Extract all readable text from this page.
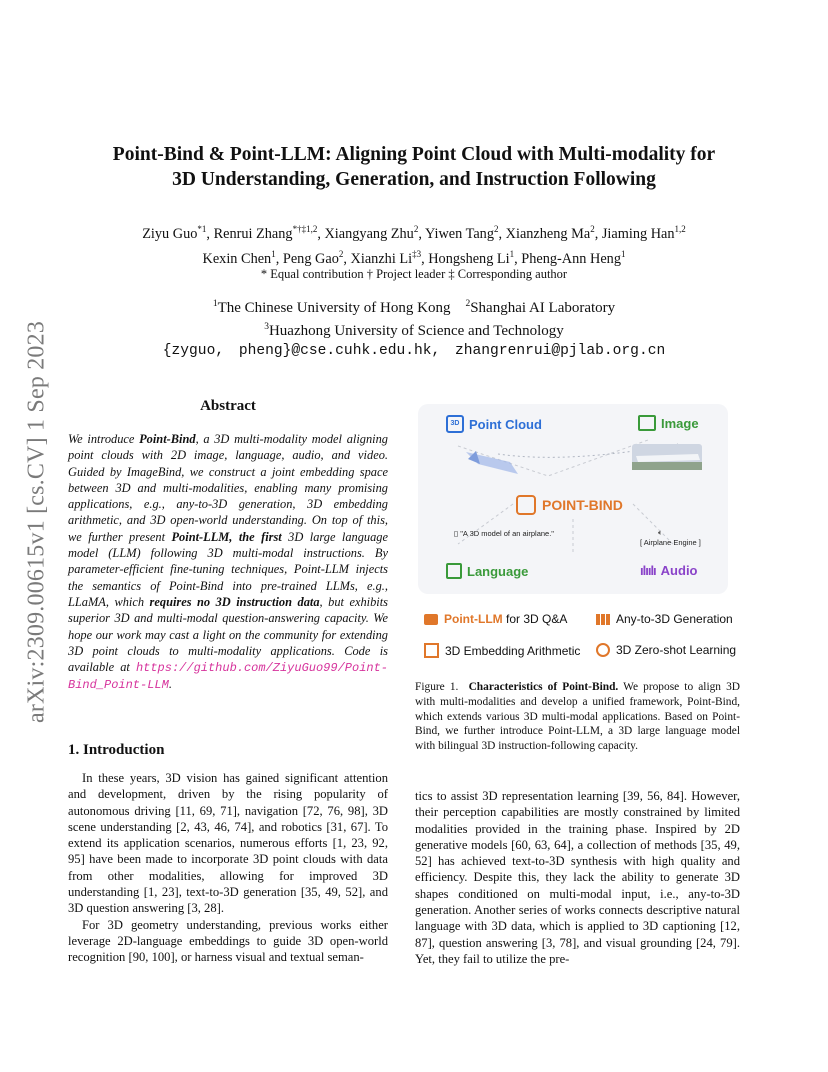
arXiv:2309.00615v1 [cs.CV] 1 Sep 2023
Point-Bind & Point-LLM: Aligning Point Cloud with Multi-modality for
3D Understanding, Generation, and Instruction Following
Ziyu Guo$^{*1}$, Renrui Zhang$^{*\dagger\ddagger 1,2}$, Xiangyang Zhu$^2$, Yiwen Tang$^2$, Xianzheng Ma$^2$, Jiaming Han$^{1,2}$
Kexin Chen$^1$, Peng Gao$^2$, Xianzhi Li$^{\ddagger 3}$, Hongsheng Li$^1$, Pheng-Ann Heng$^1$
* Equal contribution † Project leader ‡ Corresponding author
$^1$The Chinese University of Hong Kong $^2$Shanghai AI Laboratory
$^3$Huazhong University of Science and Technology
{zyguo, pheng}@cse.cuhk.edu.hk, zhangrenrui@pjlab.org.cn
Abstract
We introduce Point-Bind, a 3D multi-modality model aligning point clouds with 2D image, language, audio, and video. Guided by ImageBind, we construct a joint embedding space between 3D and multi-modalities, enabling many promising applications, e.g., any-to-3D generation, 3D embedding arithmetic, and 3D open-world understanding. On top of this, we further present Point-LLM, the first 3D large language model (LLM) following 3D multi-modal instructions. By parameter-efficient fine-tuning techniques, Point-LLM injects the semantics of Point-Bind into pre-trained LLMs, e.g., LLaMA, which requires no 3D instruction data, but exhibits superior 3D and multi-modal question-answering capacity. We hope our work may cast a light on the community for extending 3D point clouds to multi-modality applications. Code is available at https://github.com/ZiyuGuo99/Point-Bind_Point-LLM.
1. Introduction

In these years, 3D vision has gained significant attention and development, driven by the rising popularity of autonomous driving [11, 69, 71], navigation [72, 76, 98], 3D scene understanding [2, 43, 46, 74], and robotics [31, 67]. To extend its application scenarios, numerous efforts [1, 23, 92, 95] have been made to incorporate 3D point clouds with data from other modalities, allowing for improved 3D understanding [1, 23], text-to-3D generation [35, 49, 52], and 3D question answering [3, 28].

For 3D geometry understanding, previous works either leverage 2D-language embeddings to guide 3D open-world recognition [90, 100], or harness visual and textual seman-

3D Point Cloud	Image
POINT-BIND
▯ "A 3D model of an airplane."
[ Airplane Engine ]
🔈︎
Language	ılıılı Audio
Point-LLM for 3D Q&A	Any-to-3D Generation
3D Embedding Arithmetic	3D Zero-shot Learning
Figure 1. Characteristics of Point-Bind. We propose to align 3D with multi-modalities and develop a unified framework, Point-Bind, which extends various 3D multi-modal applications. Based on Point-Bind, we further introduce Point-LLM, a 3D large language model with bilingual 3D instruction-following capacity.
tics to assist 3D representation learning [39, 56, 84]. However, their perception capabilities are mostly constrained by limited modalities provided in the training phase. Inspired by 2D generative models [60, 63, 64], a collection of methods [35, 49, 52] has achieved text-to-3D synthesis with high quality and efficiency. Despite this, they lack the ability to generate 3D shapes conditioned on multi-modal input, i.e., any-to-3D generation. Another series of works connects descriptive natural language with 3D data, which is applied to 3D captioning [12, 87], question answering [3, 78], and visual grounding [24, 79]. Yet, they fail to utilize the pre-
